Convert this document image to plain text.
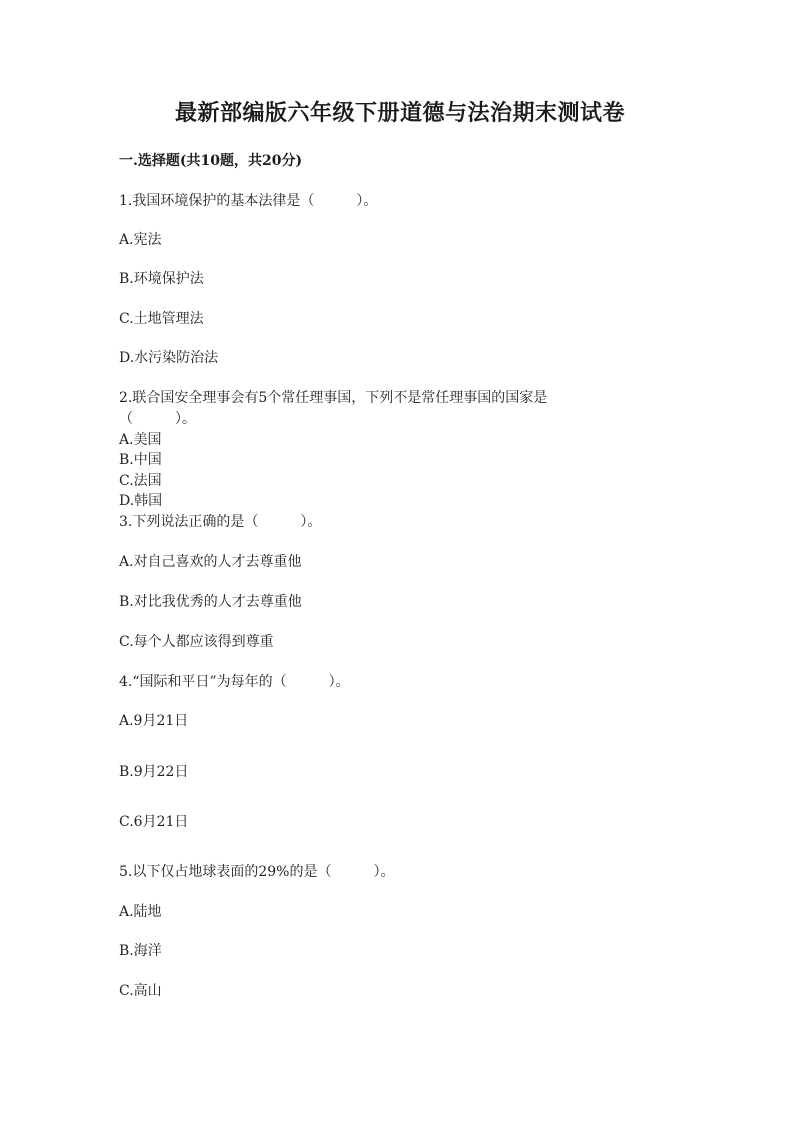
最新部编版六年级下册道德与法治期末测试卷
一.选择题(共10题，共20分)
1.我国环境保护的基本法律是（　　　）。
A.宪法
B.环境保护法
C.土地管理法
D.水污染防治法
2.联合国安全理事会有5个常任理事国，下列不是常任理事国的国家是
（　　　）。
A.美国
B.中国
C.法国
D.韩国
3.下列说法正确的是（　　　）。
A.对自己喜欢的人才去尊重他
B.对比我优秀的人才去尊重他
C.每个人都应该得到尊重
4.“国际和平日”为每年的（　　　）。
A.9月21日
B.9月22日
C.6月21日
5.以下仅占地球表面的29%的是（　　　）。
A.陆地
B.海洋
C.高山
